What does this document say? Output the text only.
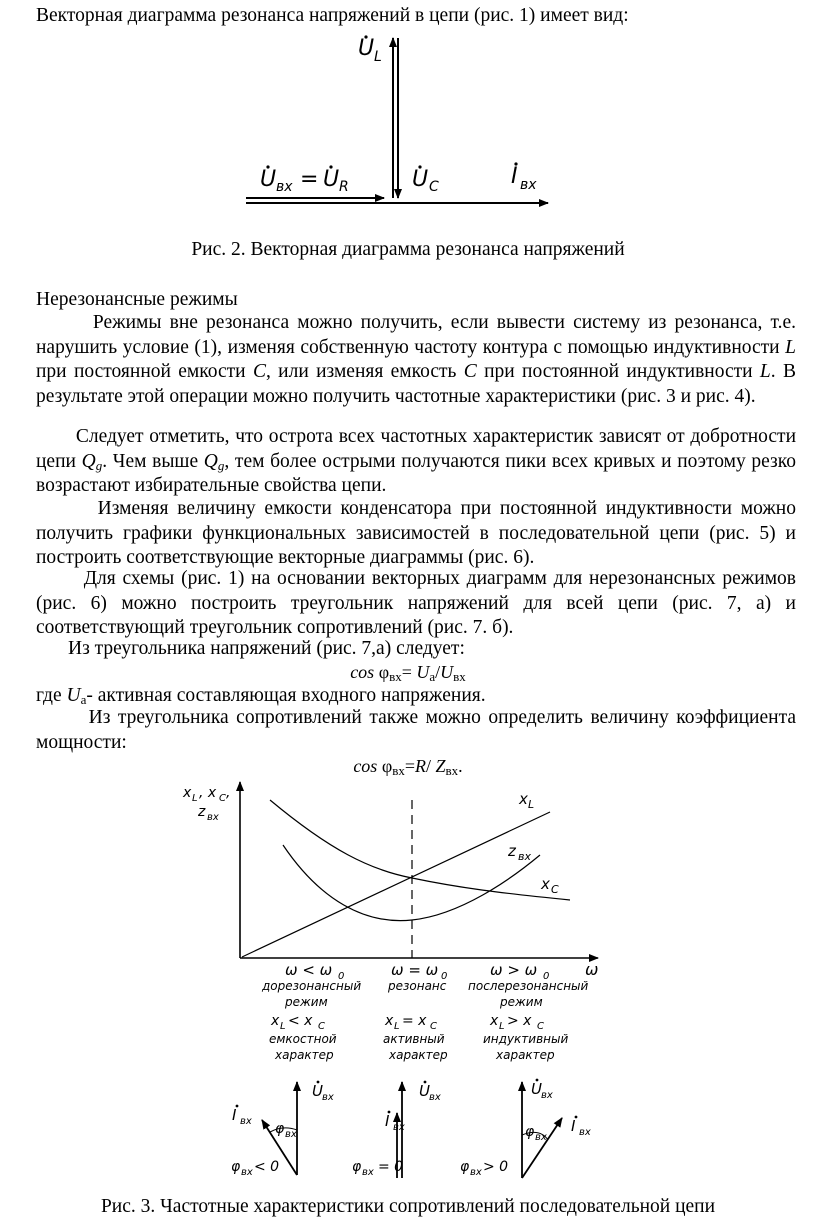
Векторная диаграмма резонанса напряжений в цепи (рис. 1) имеет вид:
U L
U вх = U R	U C	I вх
Рис. 2. Векторная диаграмма резонанса напряжений
Нерезонансные режимы
Режимы вне резонанса можно получить, если вывести систему из резонанса, т.е. нарушить условие (1), изменяя собственную частоту контура с помощью индуктивности L при постоянной емкости C, или изменяя емкость C при постоянной индуктивности L. В результате этой операции можно получить частотные характеристики (рис. 3 и рис. 4).
Следует отметить, что острота всех частотных характеристик зависят от добротности цепи $Q_g$. Чем выше $Q_g$, тем более острыми получаются пики всех кривых и поэтому резко возрастают избирательные свойства цепи.
Изменяя величину емкости конденсатора при постоянной индуктивности можно получить графики функциональных зависимостей в последовательной цепи (рис. 5) и построить соответствующие векторные диаграммы (рис. 6).
Для схемы (рис. 1) на основании векторных диаграмм для нерезонансных режимов (рис. 6) можно построить треугольник напряжений для всей цепи (рис. 7, а) и соответствующий треугольник сопротивлений (рис. 7. б).
Из треугольника напряжений (рис. 7,а) следует:
$\cos \varphi_{вх}= U_а/U_{вх}$
где $U_а-$ активная составляющая входного напряжения.
Из треугольника сопротивлений также можно определить величину коэффициента мощности:
$\cos \varphi_{вх}=R/$ $Z_{вх}$.
x L , x C ,
z вх
x L
z вх
x C
ω
ω < ω 0
дорезонансный
режим
x L < x C
емкостной
характер
ω = ω 0
резонанс
x L = x C
активный
характер
ω > ω 0
послерезонансный
режим
x L > x C
индуктивный
характер
I вх
U вх
φ вх
φ вх < 0
I вх
U вх
φ вх = 0
I вх
U вх
φ вх
φ вх > 0
Рис. 3. Частотные характеристики сопротивлений последовательной цепи
